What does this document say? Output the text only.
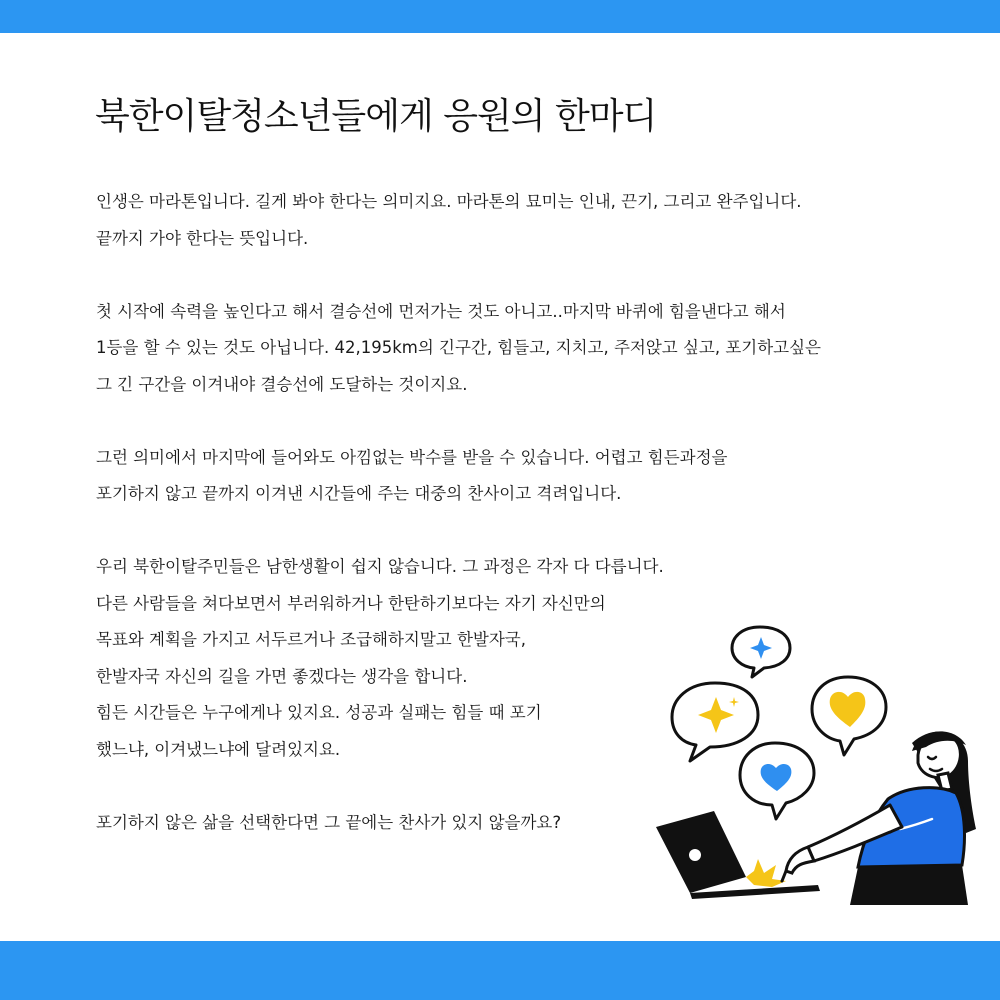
북한이탈청소년들에게 응원의 한마디

인생은 마라톤입니다. 길게 봐야 한다는 의미지요. 마라톤의 묘미는 인내, 끈기, 그리고 완주입니다.
끝까지 가야 한다는 뜻입니다.

첫 시작에 속력을 높인다고 해서 결승선에 먼저가는 것도 아니고..마지막 바퀴에 힘을낸다고 해서
1등을 할 수 있는 것도 아닙니다. 42,195km의 긴구간, 힘들고, 지치고, 주저앉고 싶고, 포기하고싶은
그 긴 구간을 이겨내야 결승선에 도달하는 것이지요.

그런 의미에서 마지막에 들어와도 아낌없는 박수를 받을 수 있습니다. 어렵고 힘든과정을
포기하지 않고 끝까지 이겨낸 시간들에 주는 대중의 찬사이고 격려입니다.

우리 북한이탈주민들은 남한생활이 쉽지 않습니다. 그 과정은 각자 다 다릅니다.
다른 사람들을 쳐다보면서 부러워하거나 한탄하기보다는 자기 자신만의
목표와 계획을 가지고 서두르거나 조급해하지말고 한발자국,
한발자국 자신의 길을 가면 좋겠다는 생각을 합니다.
힘든 시간들은 누구에게나 있지요. 성공과 실패는 힘들 때 포기
했느냐, 이겨냈느냐에 달려있지요.

포기하지 않은 삶을 선택한다면 그 끝에는 찬사가 있지 않을까요?
